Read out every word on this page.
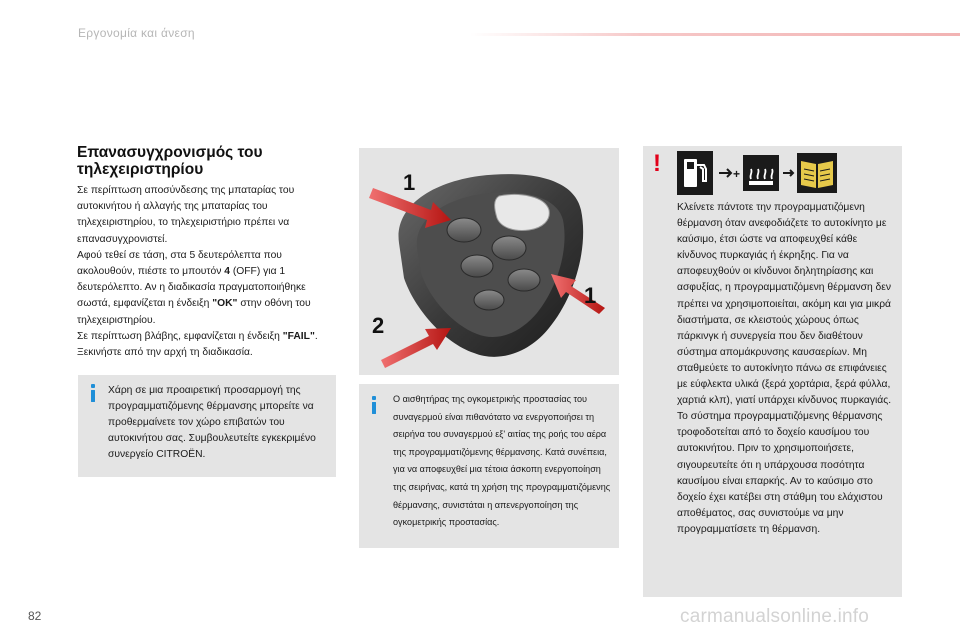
Εργονομία και άνεση
Επανασυγχρονισμός του
τηλεχειριστηρίου

Σε περίπτωση αποσύνδεσης της μπαταρίας του αυτοκινήτου ή αλλαγής της μπαταρίας του τηλεχειριστηρίου, το τηλεχειριστήριο πρέπει να επανασυγχρονιστεί.

Αφού τεθεί σε τάση, στα 5 δευτερόλεπτα που ακολουθούν, πιέστε το μπουτόν 4 (OFF) για 1 δευτερόλεπτο. Αν η διαδικασία πραγματοποιήθηκε σωστά, εμφανίζεται η ένδειξη "OK" στην οθόνη του τηλεχειριστηρίου.

Σε περίπτωση βλάβης, εμφανίζεται η ένδειξη "FAIL". Ξεκινήστε από την αρχή τη διαδικασία.

Χάρη σε μια προαιρετική προσαρμογή της προγραμματιζόμενης θέρμανσης μπορείτε να προθερμαίνετε τον χώρο επιβατών του αυτοκινήτου σας. Συμβουλευτείτε εγκεκριμένο συνεργείο CITROËN.
1
1
2
Ο αισθητήρας της ογκομετρικής προστασίας του συναγερμού είναι πιθανότατο να ενεργοποιήσει τη σειρήνα του συναγερμού εξ' αιτίας της ροής του αέρα της προγραμματιζόμενης θέρμανσης. Κατά συνέπεια, για να αποφευχθεί μια τέτοια άσκοπη ενεργοποίηση της σειρήνας, κατά τη χρήση της προγραμματιζόμενης θέρμανσης, συνιστάται η απενεργοποίηση της ογκομετρικής προστασίας.
!	+
Κλείνετε πάντοτε την προγραμματιζόμενη θέρμανση όταν ανεφοδιάζετε το αυτοκίνητο με καύσιμο, έτσι ώστε να αποφευχθεί κάθε κίνδυνος πυρκαγιάς ή έκρηξης. Για να αποφευχθούν οι κίνδυνοι δηλητηρίασης και ασφυξίας, η προγραμματιζόμενη θέρμανση δεν πρέπει να χρησιμοποιείται, ακόμη και για μικρά διαστήματα, σε κλειστούς χώρους όπως πάρκινγκ ή συνεργεία που δεν διαθέτουν σύστημα απομάκρυνσης καυσαερίων. Μη σταθμεύετε το αυτοκίνητο πάνω σε επιφάνειες με εύφλεκτα υλικά (ξερά χορτάρια, ξερά φύλλα, χαρτιά κλπ), γιατί υπάρχει κίνδυνος πυρκαγιάς. Το σύστημα προγραμματιζόμενης θέρμανσης τροφοδοτείται από το δοχείο καυσίμου του αυτοκινήτου. Πριν το χρησιμοποιήσετε, σιγουρευτείτε ότι η υπάρχουσα ποσότητα καυσίμου είναι επαρκής. Αν το καύσιμο στο δοχείο έχει κατέβει στη στάθμη του ελάχιστου αποθέματος, σας συνιστούμε να μην προγραμματίσετε τη θέρμανση.
82	carmanualsonline.info
